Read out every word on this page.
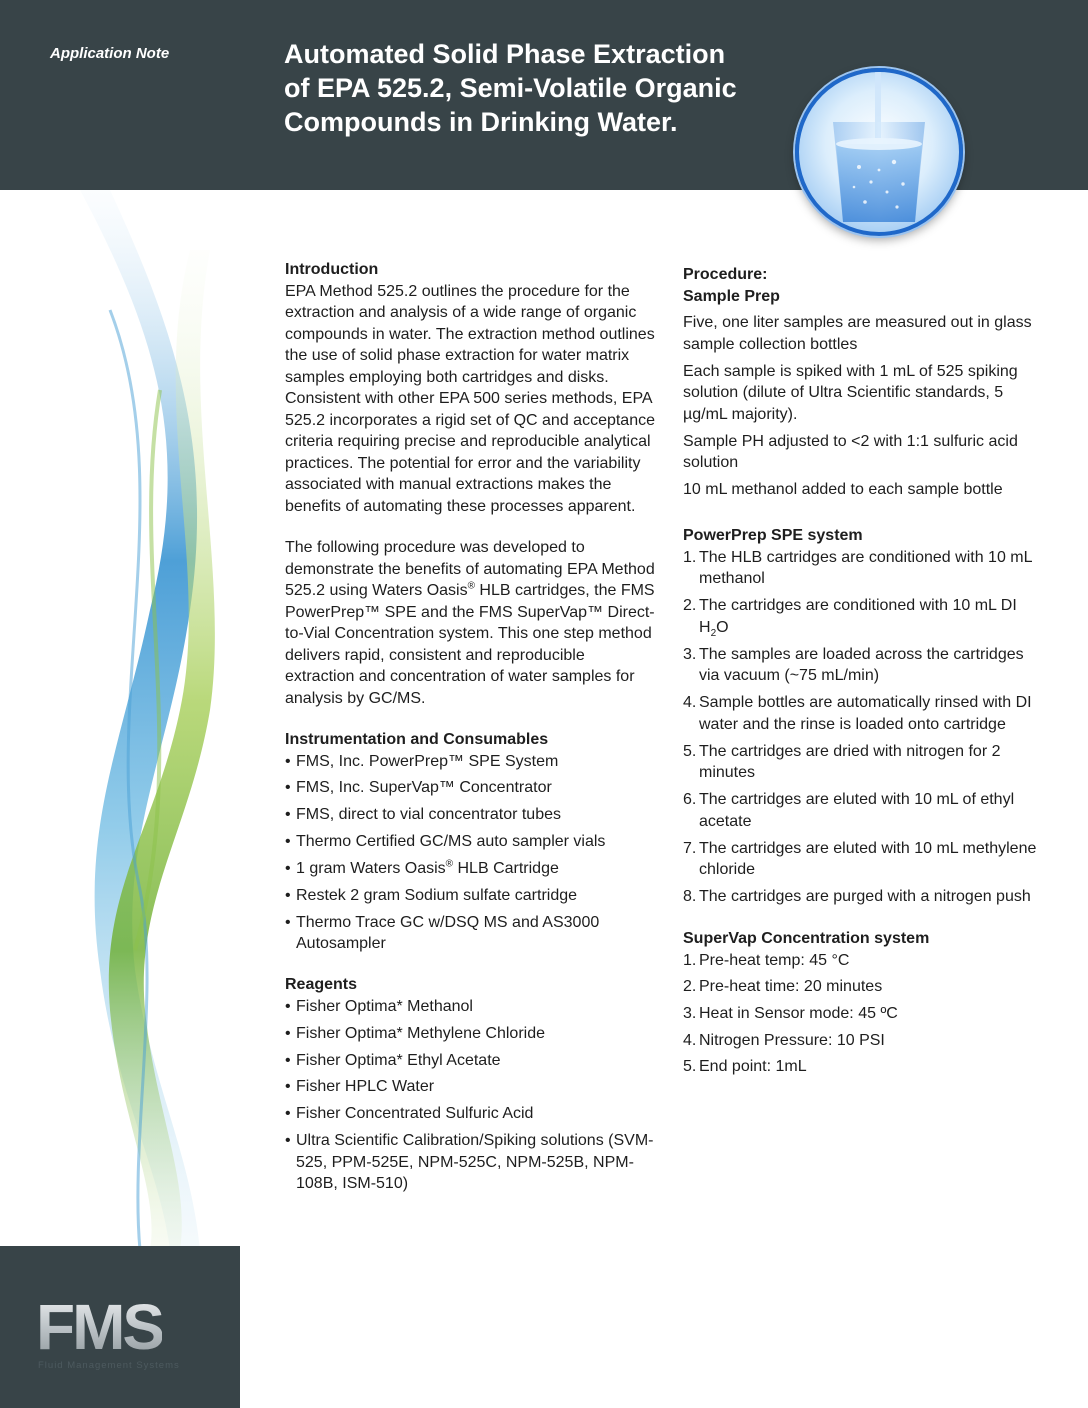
Application Note	Automated Solid Phase Extraction
of EPA 525.2, Semi-Volatile Organic
Compounds in Drinking Water.
FMS
Fluid Management Systems
Introduction

EPA Method 525.2 outlines the procedure for the extraction and analysis of a wide range of organic compounds in water. The extraction method outlines the use of solid phase extraction for water matrix samples employing both cartridges and disks. Consistent with other EPA 500 series methods, EPA 525.2 incorporates a rigid set of QC and acceptance criteria requiring precise and reproducible analytical practices. The potential for error and the variability associated with manual extractions makes the benefits of automating these processes apparent.

The following procedure was developed to demonstrate the benefits of automating EPA Method 525.2 using Waters Oasis® HLB cartridges, the FMS PowerPrep™ SPE and the FMS SuperVap™ Direct-to-Vial Concentration system. This one step method delivers rapid, consistent and reproducible extraction and concentration of water samples for analysis by GC/MS.

Instrumentation and Consumables
• FMS, Inc. PowerPrep™ SPE System
• FMS, Inc. SuperVap™ Concentrator
• FMS, direct to vial concentrator tubes
• Thermo Certified GC/MS auto sampler vials
• 1 gram Waters Oasis® HLB Cartridge
• Restek 2 gram Sodium sulfate cartridge
• Thermo Trace GC w/DSQ MS and AS3000 Autosampler
Reagents
• Fisher Optima* Methanol
• Fisher Optima* Methylene Chloride
• Fisher Optima* Ethyl Acetate
• Fisher HPLC Water
• Fisher Concentrated Sulfuric Acid
• Ultra Scientific Calibration/Spiking solutions (SVM-525, PPM-525E, NPM-525C, NPM-525B, NPM-108B, ISM-510)
Procedure:
Sample Prep

Five, one liter samples are measured out in glass sample collection bottles

Each sample is spiked with 1 mL of 525 spiking solution (dilute of Ultra Scientific standards, 5 µg/mL majority).

Sample PH adjusted to <2 with 1:1 sulfuric acid solution

10 mL methanol added to each sample bottle

PowerPrep SPE system
1. The HLB cartridges are conditioned with 10 mL methanol
2. The cartridges are conditioned with 10 mL DI $H_2O$
3. The samples are loaded across the cartridges via vacuum (~75 mL/min)
4. Sample bottles are automatically rinsed with DI water and the rinse is loaded onto cartridge
5. The cartridges are dried with nitrogen for 2 minutes
6. The cartridges are eluted with 10 mL of ethyl acetate
7. The cartridges are eluted with 10 mL methylene chloride
8. The cartridges are purged with a nitrogen push
SuperVap Concentration system
1. Pre-heat temp: 45 °C
2. Pre-heat time: 20 minutes
3. Heat in Sensor mode: 45 ºC
4. Nitrogen Pressure: 10 PSI
5. End point: 1mL
